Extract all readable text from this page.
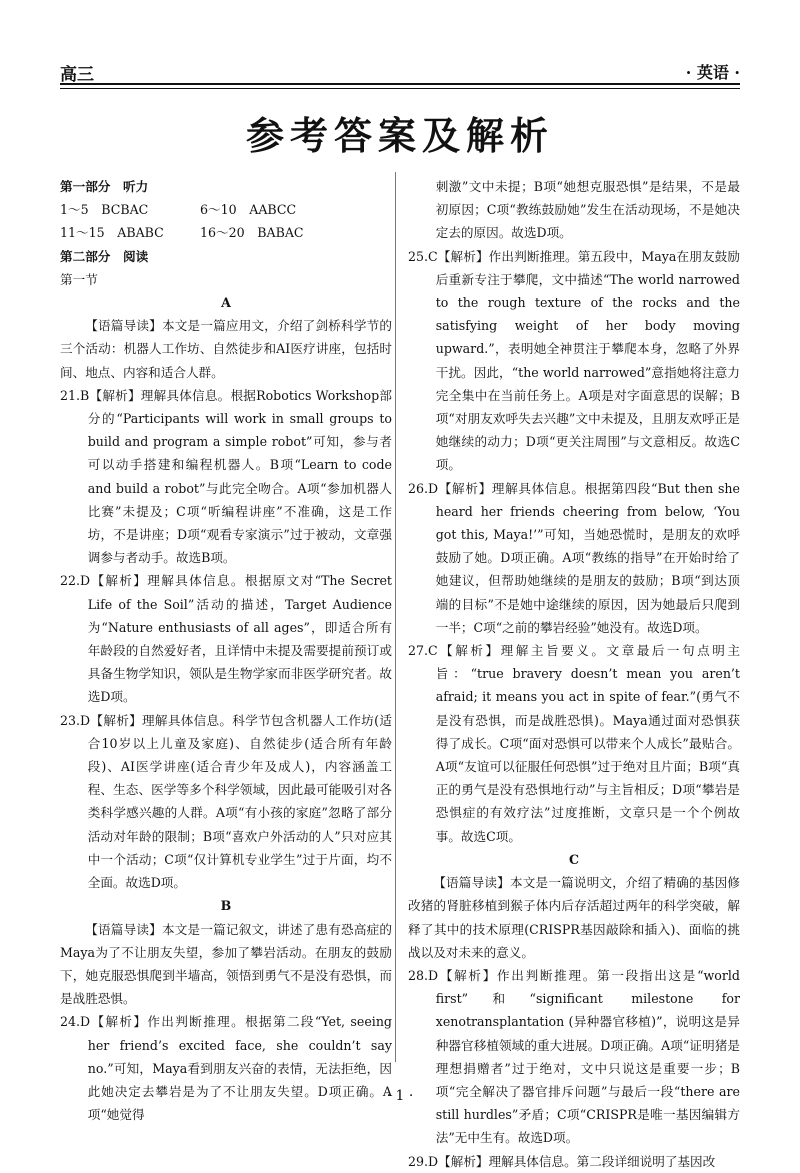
高三	· 英语 ·
参考答案及解析
第一部分　听力
1～5　BCBAC	6～10　AABCC
11～15　ABABC	16～20　BABAC
第二部分　阅读
第一节
A
【语篇导读】本文是一篇应用文，介绍了剑桥科学节的三个活动：机器人工作坊、自然徒步和AI医疗讲座，包括时间、地点、内容和适合人群。
21.B【解析】理解具体信息。根据Robotics Workshop部分的“Participants will work in small groups to build and program a simple robot”可知，参与者可以动手搭建和编程机器人。B项“Learn to code and build a robot”与此完全吻合。A项“参加机器人比赛”未提及；C项“听编程讲座”不准确，这是工作坊，不是讲座；D项“观看专家演示”过于被动，文章强调参与者动手。故选B项。
22.D【解析】理解具体信息。根据原文对“The Secret Life of the Soil”活动的描述，Target Audience为“Nature enthusiasts of all ages”，即适合所有年龄段的自然爱好者，且详情中未提及需要提前预订或具备生物学知识，领队是生物学家而非医学研究者。故选D项。
23.D【解析】理解具体信息。科学节包含机器人工作坊(适合10岁以上儿童及家庭)、自然徒步(适合所有年龄段)、AI医学讲座(适合青少年及成人)，内容涵盖工程、生态、医学等多个科学领域，因此最可能吸引对各类科学感兴趣的人群。A项“有小孩的家庭”忽略了部分活动对年龄的限制；B项“喜欢户外活动的人”只对应其中一个活动；C项“仅计算机专业学生”过于片面，均不全面。故选D项。
B
【语篇导读】本文是一篇记叙文，讲述了患有恐高症的Maya为了不让朋友失望，参加了攀岩活动。在朋友的鼓励下，她克服恐惧爬到半墙高，领悟到勇气不是没有恐惧，而是战胜恐惧。
24.D【解析】作出判断推理。根据第二段“Yet, seeing her friend’s excited face, she couldn’t say no.”可知，Maya看到朋友兴奋的表情，无法拒绝，因此她决定去攀岩是为了不让朋友失望。D项正确。A项“她觉得
刺激”文中未提；B项“她想克服恐惧”是结果，不是最初原因；C项“教练鼓励她”发生在活动现场，不是她决定去的原因。故选D项。
25.C【解析】作出判断推理。第五段中，Maya在朋友鼓励后重新专注于攀爬，文中描述“The world narrowed to the rough texture of the rocks and the satisfying weight of her body moving upward.”，表明她全神贯注于攀爬本身，忽略了外界干扰。因此，“the world narrowed”意指她将注意力完全集中在当前任务上。A项是对字面意思的误解；B项“对朋友欢呼失去兴趣”文中未提及，且朋友欢呼正是她继续的动力；D项“更关注周围”与文意相反。故选C项。
26.D【解析】理解具体信息。根据第四段“But then she heard her friends cheering from below, ‘You got this, Maya!’”可知，当她恐慌时，是朋友的欢呼鼓励了她。D项正确。A项“教练的指导”在开始时给了她建议，但帮助她继续的是朋友的鼓励；B项“到达顶端的目标”不是她中途继续的原因，因为她最后只爬到一半；C项“之前的攀岩经验”她没有。故选D项。
27.C【解析】理解主旨要义。文章最后一句点明主旨：“true bravery doesn’t mean you aren’t afraid; it means you act in spite of fear.”(勇气不是没有恐惧，而是战胜恐惧)。Maya通过面对恐惧获得了成长。C项“面对恐惧可以带来个人成长”最贴合。A项“友谊可以征服任何恐惧”过于绝对且片面；B项“真正的勇气是没有恐惧地行动”与主旨相反；D项“攀岩是恐惧症的有效疗法”过度推断，文章只是一个个例故事。故选C项。
C
【语篇导读】本文是一篇说明文，介绍了精确的基因修改猪的肾脏移植到猴子体内后存活超过两年的科学突破，解释了其中的技术原理(CRISPR基因敲除和插入)、面临的挑战以及对未来的意义。
28.D【解析】作出判断推理。第一段指出这是“world first”和“significant milestone for xenotransplantation (异种器官移植)”，说明这是异种器官移植领域的重大进展。D项正确。A项“证明猪是理想捐赠者”过于绝对，文中只说这是重要一步；B项“完全解决了器官排斥问题”与最后一段“there are still hurdles”矛盾；C项“CRISPR是唯一基因编辑方法”无中生有。故选D项。
29.D【解析】理解具体信息。第二段详细说明了基因改
· 1 ·
